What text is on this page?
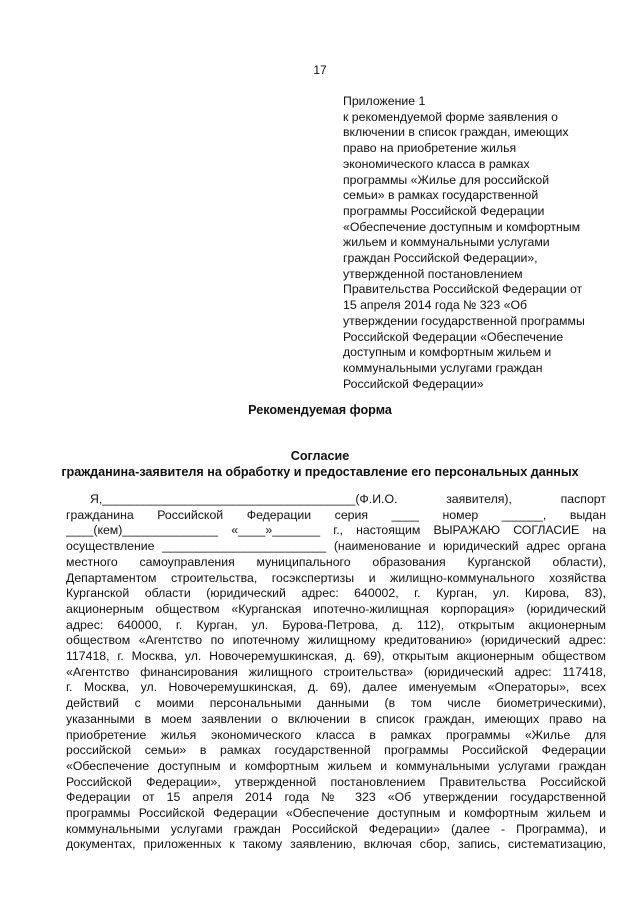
17
Приложение 1
к рекомендуемой форме заявления о
включении в список граждан, имеющих
право на приобретение жилья
экономического класса в рамках
программы «Жилье для российской
семьи» в рамках государственной
программы Российской Федерации
«Обеспечение доступным и комфортным
жильем и коммунальными услугами
граждан Российской Федерации»,
утвержденной постановлением
Правительства Российской Федерации от
15 апреля 2014 года № 323 «Об
утверждении государственной программы
Российской Федерации «Обеспечение
доступным и комфортным жильем и
коммунальными услугами граждан
Российской Федерации»
Рекомендуемая форма
Согласие
гражданина-заявителя на обработку и предоставление его персональных данных
Я,_____________________________________(Ф.И.О. заявителя), паспорт
гражданина Российской Федерации серия ____ номер ______, выдан
____(кем)______________ «____»_______ г., настоящим ВЫРАЖАЮ СОГЛАСИЕ на
осуществление ________________________ (наименование и юридический адрес органа
местного самоуправления муниципального образования Курганской области),
Департаментом строительства, госэкспертизы и жилищно-коммунального хозяйства
Курганской области (юридический адрес: 640002, г. Курган, ул. Кирова, 83),
акционерным обществом «Курганская ипотечно-жилищная корпорация» (юридический
адрес: 640000, г. Курган, ул. Бурова-Петрова, д. 112), открытым акционерным
обществом «Агентство по ипотечному жилищному кредитованию» (юридический адрес:
117418, г. Москва, ул. Новочеремушкинская, д. 69), открытым акционерным обществом
«Агентство финансирования жилищного строительства» (юридический адрес: 117418,
г. Москва, ул. Новочеремушкинская, д. 69), далее именуемым «Операторы», всех
действий с моими персональными данными (в том числе биометрическими),
указанными в моем заявлении о включении в список граждан, имеющих право на
приобретение жилья экономического класса в рамках программы «Жилье для
российской семьи» в рамках государственной программы Российской Федерации
«Обеспечение доступным и комфортным жильем и коммунальными услугами граждан
Российской Федерации», утвержденной постановлением Правительства Российской
Федерации от 15 апреля 2014 года № 323 «Об утверждении государственной
программы Российской Федерации «Обеспечение доступным и комфортным жильем и
коммунальными услугами граждан Российской Федерации» (далее - Программа), и
документах, приложенных к такому заявлению, включая сбор, запись, систематизацию,
